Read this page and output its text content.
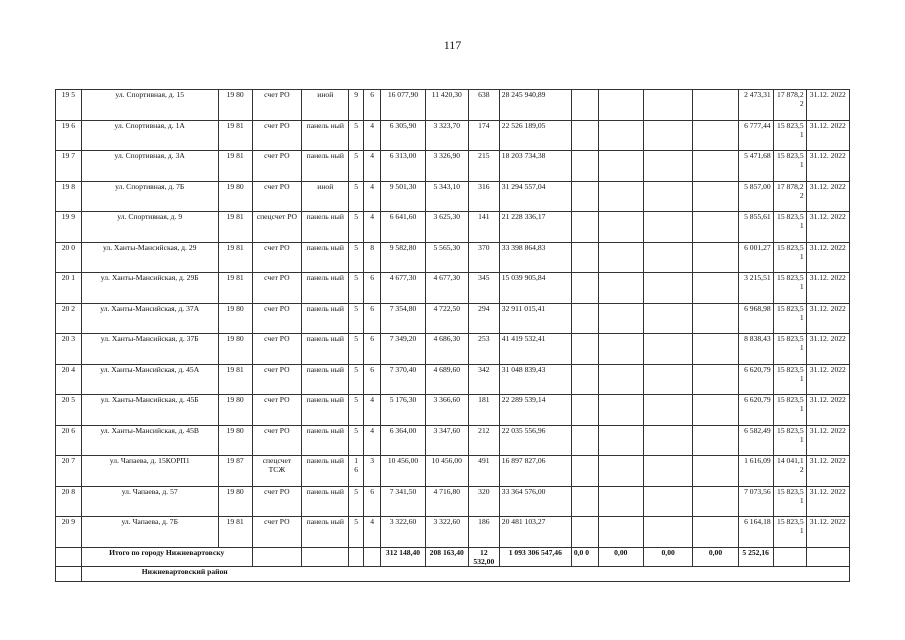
117
19 5	ул. Спортивная, д. 15	19 80	счет РО	иной	9	6	16 077,90	11 420,30	638	28 245 940,89					2 473,31	17 878,2 2	31.12. 2022
19 6	ул. Спортивная, д. 1А	19 81	счет РО	панель ный	5	4	6 305,90	3 323,70	174	22 526 189,05					6 777,44	15 823,5 1	31.12. 2022
19 7	ул. Спортивная, д. 3А	19 81	счет РО	панель ный	5	4	6 313,00	3 326,90	215	18 203 734,38					5 471,68	15 823,5 1	31.12. 2022
19 8	ул. Спортивная, д. 7Б	19 80	счет РО	иной	5	4	9 501,30	5 343,10	316	31 294 557,04					5 857,00	17 878,2 2	31.12. 2022
19 9	ул. Спортивная, д. 9	19 81	спецсчет РО	панель ный	5	4	6 641,60	3 625,30	141	21 228 336,17					5 855,61	15 823,5 1	31.12. 2022
20 0	ул. Ханты-Мансийская, д. 29	19 81	счет РО	панель ный	5	8	9 582,80	5 565,30	370	33 398 864,83					6 001,27	15 823,5 1	31.12. 2022
20 1	ул. Ханты-Мансийская, д. 29Б	19 81	счет РО	панель ный	5	6	4 677,30	4 677,30	345	15 039 905,84					3 215,51	15 823,5 1	31.12. 2022
20 2	ул. Ханты-Мансийская, д. 37А	19 80	счет РО	панель ный	5	6	7 354,80	4 722,50	294	32 911 015,41					6 968,98	15 823,5 1	31.12. 2022
20 3	ул. Ханты-Мансийская, д. 37Б	19 80	счет РО	панель ный	5	6	7 349,20	4 686,30	253	41 419 532,41					8 838,43	15 823,5 1	31.12. 2022
20 4	ул. Ханты-Мансийская, д. 45А	19 81	счет РО	панель ный	5	6	7 370,40	4 689,60	342	31 048 839,43					6 620,79	15 823,5 1	31.12. 2022
20 5	ул. Ханты-Мансийская, д. 45Б	19 80	счет РО	панель ный	5	4	5 176,30	3 366,60	181	22 289 539,14					6 620,79	15 823,5 1	31.12. 2022
20 6	ул. Ханты-Мансийская, д. 45В	19 80	счет РО	панель ный	5	4	6 364,00	3 347,60	212	22 035 556,96					6 582,49	15 823,5 1	31.12. 2022
20 7	ул. Чапаева, д. 15КОРП1	19 87	спецсчет ТСЖ	панель ный	1 6	3	10 456,00	10 456,00	491	16 897 827,06					1 616,09	14 041,1 2	31.12. 2022
20 8	ул. Чапаева, д. 57	19 80	счет РО	панель ный	5	6	7 341,50	4 716,80	320	33 364 576,00					7 073,56	15 823,5 1	31.12. 2022
20 9	ул. Чапаева, д. 7Б	19 81	счет РО	панель ный	5	4	3 322,60	3 322,60	186	20 481 103,27					6 164,18	15 823,5 1	31.12. 2022
	Итого по городу Нижневартовску						312 148,40	208 163,40	12 532,00	1 093 306 547,46	0,0 0	0,00	0,00	0,00	5 252,16		
	Нижневартовский район																
